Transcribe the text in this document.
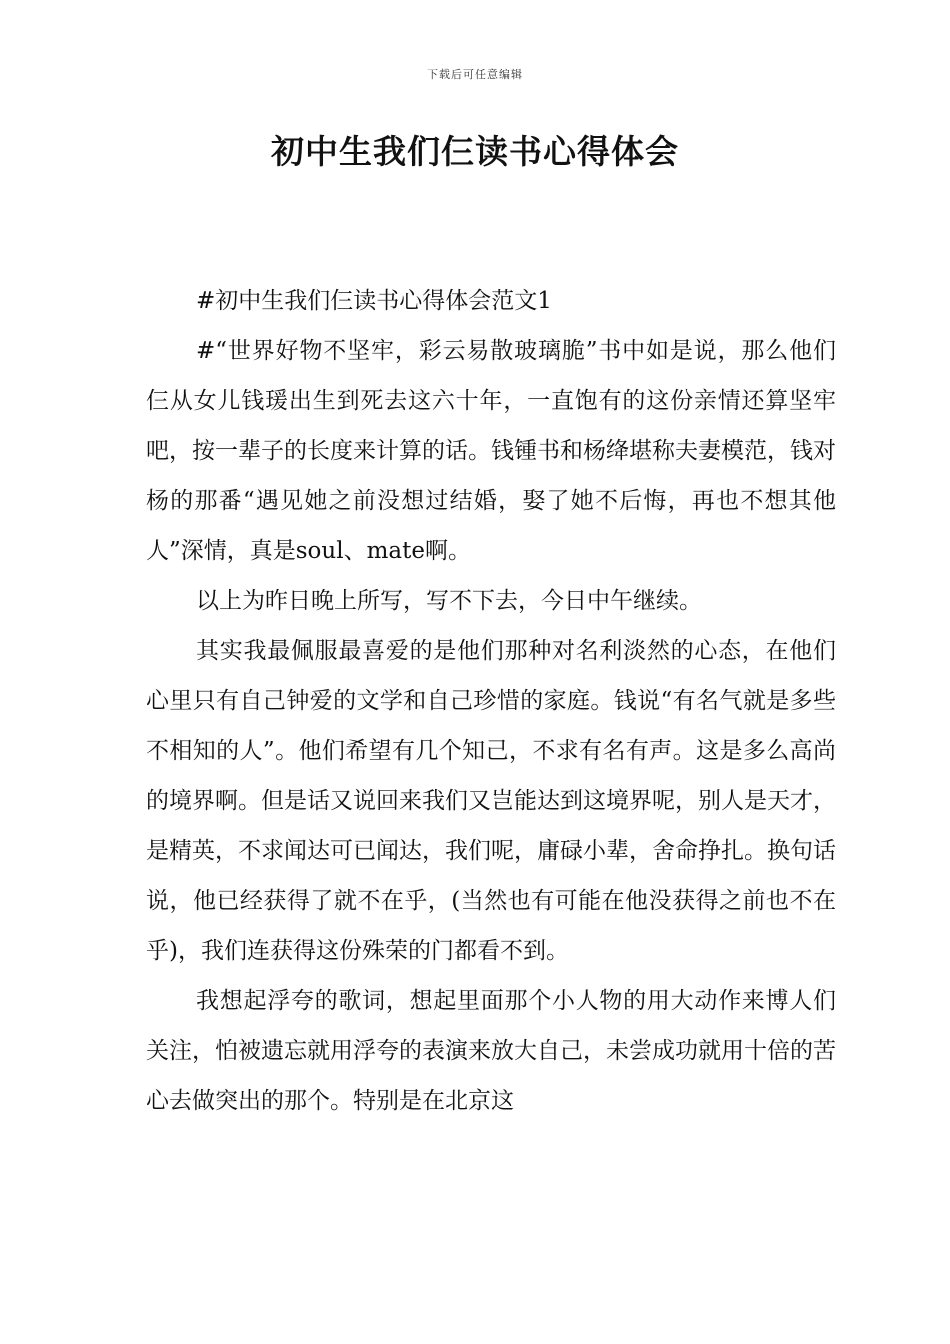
下载后可任意编辑
初中生我们仨读书心得体会

#初中生我们仨读书心得体会范文1

#“世界好物不坚牢，彩云易散玻璃脆”书中如是说，那么他们仨从女儿钱瑗出生到死去这六十年，一直饱有的这份亲情还算坚牢吧，按一辈子的长度来计算的话。钱锺书和杨绛堪称夫妻模范，钱对杨的那番“遇见她之前没想过结婚，娶了她不后悔，再也不想其他人”深情，真是soul、mate啊。

以上为昨日晚上所写，写不下去，今日中午继续。

其实我最佩服最喜爱的是他们那种对名利淡然的心态，在他们心里只有自己钟爱的文学和自己珍惜的家庭。钱说“有名气就是多些不相知的人”。他们希望有几个知己，不求有名有声。这是多么高尚的境界啊。但是话又说回来我们又岂能达到这境界呢，别人是天才，是精英，不求闻达可已闻达，我们呢，庸碌小辈，舍命挣扎。换句话说，他已经获得了就不在乎，(当然也有可能在他没获得之前也不在乎)，我们连获得这份殊荣的门都看不到。

我想起浮夸的歌词，想起里面那个小人物的用大动作来博人们关注，怕被遗忘就用浮夸的表演来放大自己，未尝成功就用十倍的苦心去做突出的那个。特别是在北京这
